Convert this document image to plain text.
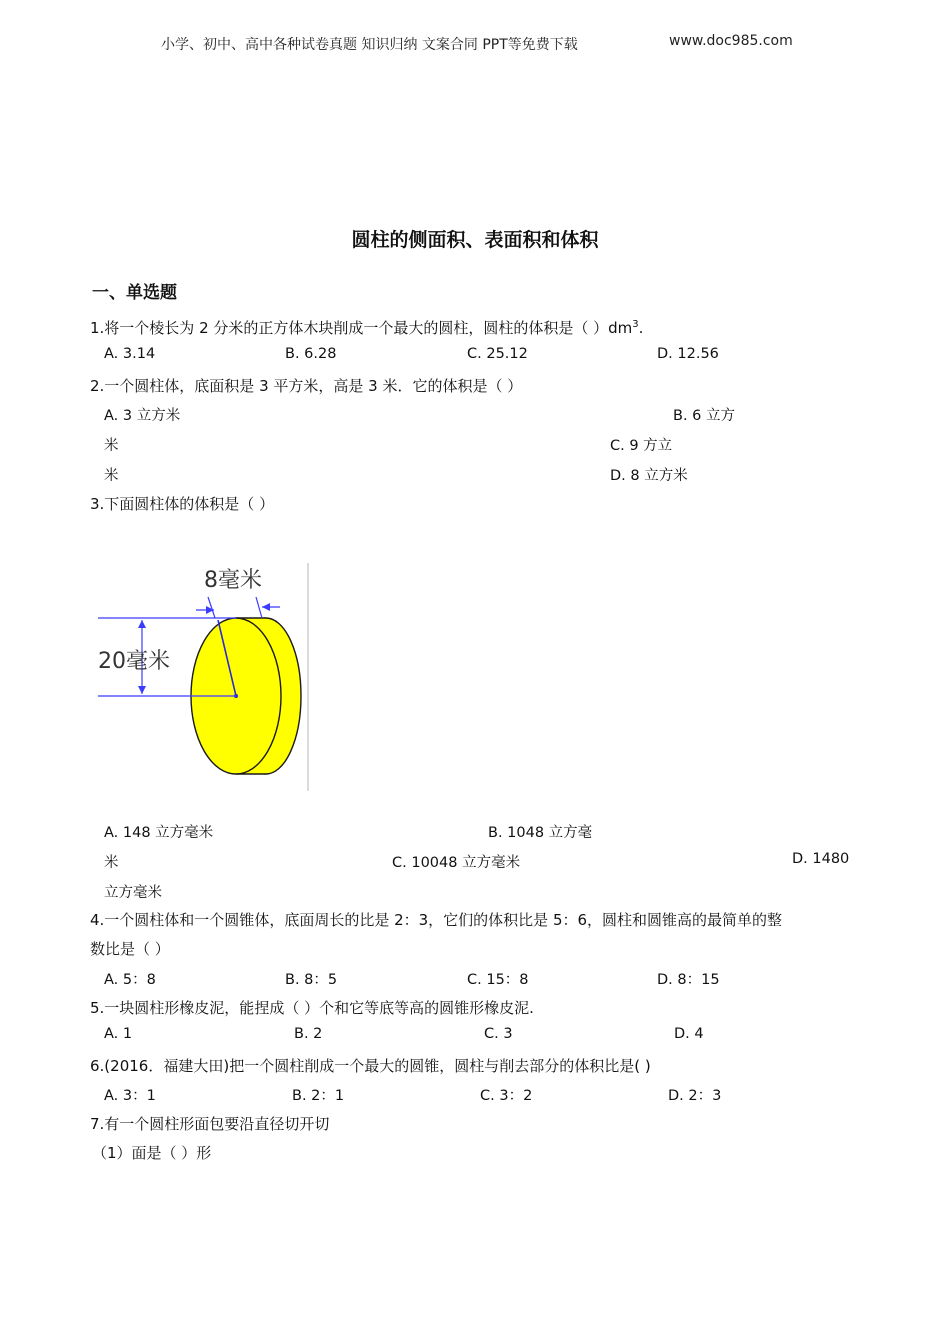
小学、初中、高中各种试卷真题 知识归纳 文案合同 PPT等免费下载	www.doc985.com
圆柱的侧面积、表面积和体积
一、单选题
1.将一个棱长为 2 分米的正方体木块削成一个最大的圆柱，圆柱的体积是（ ）$dm^3$.
A. 3.14	B. 6.28	C. 25.12	D. 12.56
2.一个圆柱体，底面积是 3 平方米，高是 3 米．它的体积是（ ）
A. 3 立方米	B. 6 立方
米	C. 9 方立
米	D. 8 立方米
3.下面圆柱体的体积是（ ）
8毫米
20毫米
A. 148 立方毫米	B. 1048 立方毫
米	C. 10048 立方毫米	D. 1480
立方毫米
4.一个圆柱体和一个圆锥体，底面周长的比是 2：3，它们的体积比是 5：6，圆柱和圆锥高的最简单的整
数比是（ ）
A. 5：8	B. 8：5	C. 15：8	D. 8：15
5.一块圆柱形橡皮泥，能捏成（ ）个和它等底等高的圆锥形橡皮泥.
A. 1	B. 2	C. 3	D. 4
6.(2016．福建大田)把一个圆柱削成一个最大的圆锥，圆柱与削去部分的体积比是( )
A. 3：1	B. 2：1	C. 3：2	D. 2：3
7.有一个圆柱形面包要沿直径切开切
（1）面是（ ）形
